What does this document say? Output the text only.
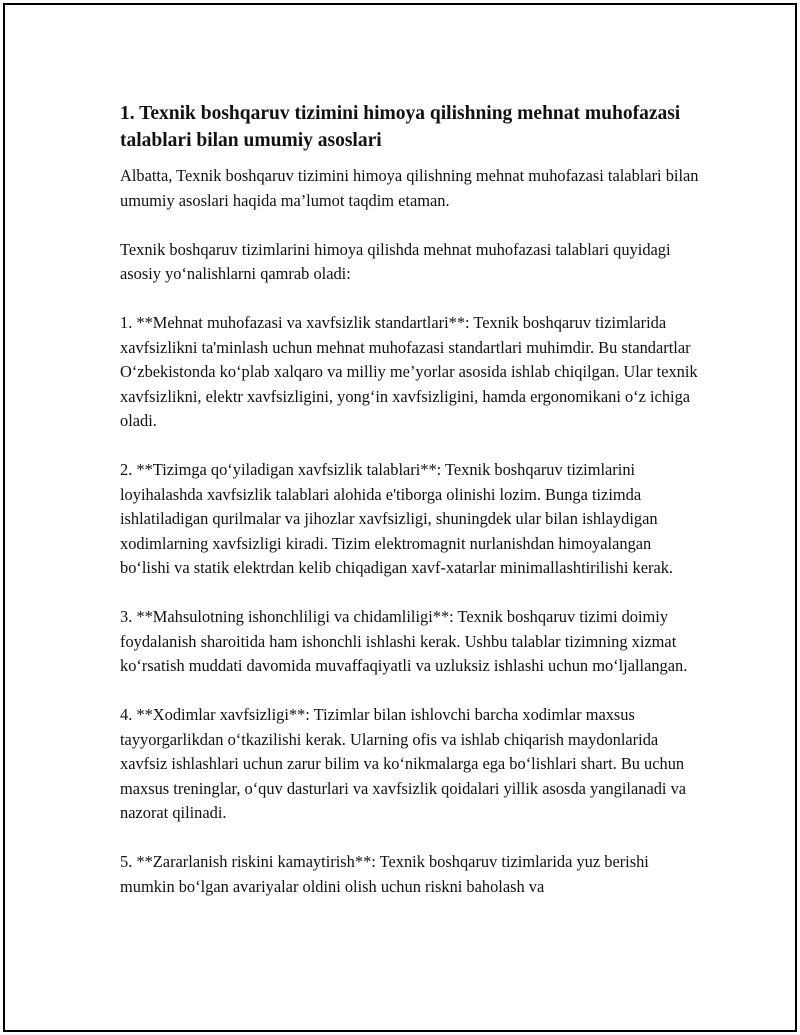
1. Texnik boshqaruv tizimini himoya qilishning mehnat muhofazasi talablari bilan umumiy asoslari

Albatta, Texnik boshqaruv tizimini himoya qilishning mehnat muhofazasi talablari bilan umumiy asoslari haqida ma’lumot taqdim etaman.

Texnik boshqaruv tizimlarini himoya qilishda mehnat muhofazasi talablari quyidagi asosiy yo‘nalishlarni qamrab oladi:

1. **Mehnat muhofazasi va xavfsizlik standartlari**: Texnik boshqaruv tizimlarida xavfsizlikni ta'minlash uchun mehnat muhofazasi standartlari muhimdir. Bu standartlar O‘zbekistonda ko‘plab xalqaro va milliy me’yorlar asosida ishlab chiqilgan. Ular texnik xavfsizlikni, elektr xavfsizligini, yong‘in xavfsizligini, hamda ergonomikani o‘z ichiga oladi.

2. **Tizimga qo‘yiladigan xavfsizlik talablari**: Texnik boshqaruv tizimlarini loyihalashda xavfsizlik talablari alohida e'tiborga olinishi lozim. Bunga tizimda ishlatiladigan qurilmalar va jihozlar xavfsizligi, shuningdek ular bilan ishlaydigan xodimlarning xavfsizligi kiradi. Tizim elektromagnit nurlanishdan himoyalangan bo‘lishi va statik elektrdan kelib chiqadigan xavf-xatarlar minimallashtirilishi kerak.

3. **Mahsulotning ishonchliligi va chidamliligi**: Texnik boshqaruv tizimi doimiy foydalanish sharoitida ham ishonchli ishlashi kerak. Ushbu talablar tizimning xizmat ko‘rsatish muddati davomida muvaffaqiyatli va uzluksiz ishlashi uchun mo‘ljallangan.

4. **Xodimlar xavfsizligi**: Tizimlar bilan ishlovchi barcha xodimlar maxsus tayyorgarlikdan o‘tkazilishi kerak. Ularning ofis va ishlab chiqarish maydonlarida xavfsiz ishlashlari uchun zarur bilim va ko‘nikmalarga ega bo‘lishlari shart. Bu uchun maxsus treninglar, o‘quv dasturlari va xavfsizlik qoidalari yillik asosda yangilanadi va nazorat qilinadi.

5. **Zararlanish riskini kamaytirish**: Texnik boshqaruv tizimlarida yuz berishi mumkin bo‘lgan avariyalar oldini olish uchun riskni baholash va
